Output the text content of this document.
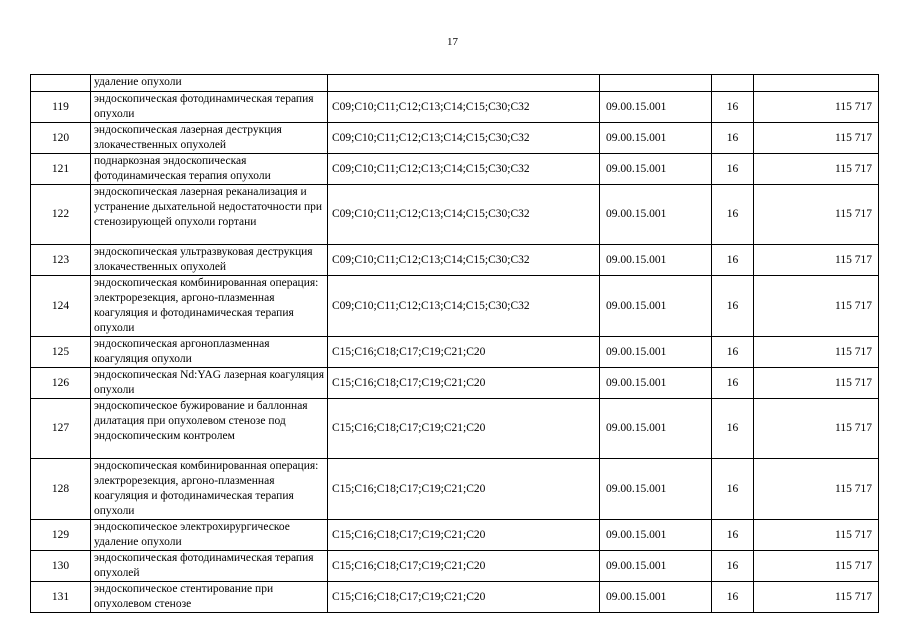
17
	удаление опухоли				
119	эндоскопическая фотодинамическая терапия опухоли	C09;C10;C11;C12;C13;C14;C15;C30;C32	09.00.15.001	16	115 717
120	эндоскопическая лазерная деструкция злокачественных опухолей	C09;C10;C11;C12;C13;C14;C15;C30;C32	09.00.15.001	16	115 717
121	поднаркозная эндоскопическая фотодинамическая терапия опухоли	C09;C10;C11;C12;C13;C14;C15;C30;C32	09.00.15.001	16	115 717
122	эндоскопическая лазерная реканализация и устранение дыхательной недостаточности при стенозирующей опухоли гортани	C09;C10;C11;C12;C13;C14;C15;C30;C32	09.00.15.001	16	115 717
123	эндоскопическая ультразвуковая деструкция злокачественных опухолей	C09;C10;C11;C12;C13;C14;C15;C30;C32	09.00.15.001	16	115 717
124	эндоскопическая комбинированная операция: электрорезекция, аргоно-плазменная коагуляция и фотодинамическая терапия опухоли	C09;C10;C11;C12;C13;C14;C15;C30;C32	09.00.15.001	16	115 717
125	эндоскопическая аргоноплазменная коагуляция опухоли	C15;C16;C18;C17;C19;C21;C20	09.00.15.001	16	115 717
126	эндоскопическая Nd:YAG лазерная коагуляция опухоли	C15;C16;C18;C17;C19;C21;C20	09.00.15.001	16	115 717
127	эндоскопическое бужирование и баллонная дилатация при опухолевом стенозе под эндоскопическим контролем	C15;C16;C18;C17;C19;C21;C20	09.00.15.001	16	115 717
128	эндоскопическая комбинированная операция: электрорезекция, аргоно-плазменная коагуляция и фотодинамическая терапия опухоли	C15;C16;C18;C17;C19;C21;C20	09.00.15.001	16	115 717
129	эндоскопическое электрохирургическое удаление опухоли	C15;C16;C18;C17;C19;C21;C20	09.00.15.001	16	115 717
130	эндоскопическая фотодинамическая терапия опухолей	C15;C16;C18;C17;C19;C21;C20	09.00.15.001	16	115 717
131	эндоскопическое стентирование при опухолевом стенозе	C15;C16;C18;C17;C19;C21;C20	09.00.15.001	16	115 717
